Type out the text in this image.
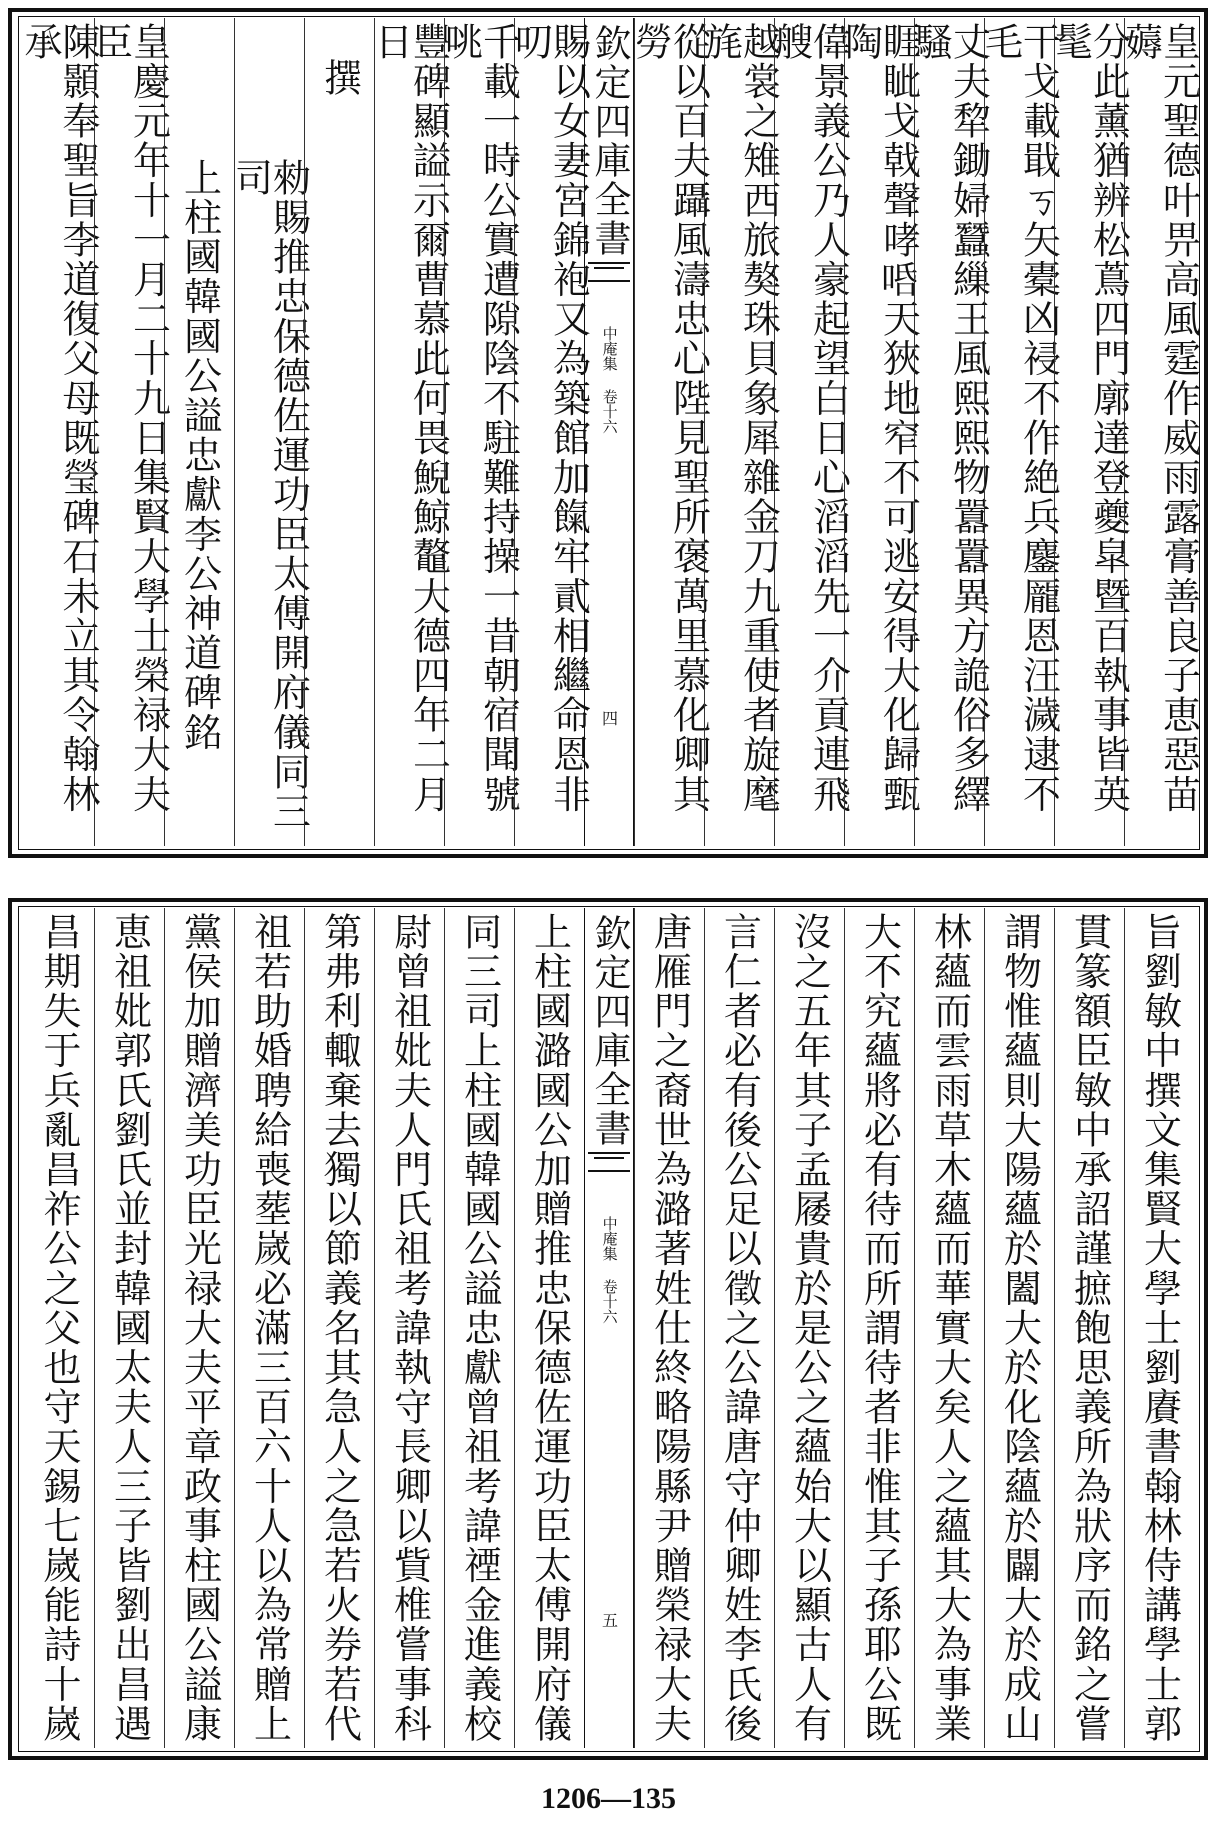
皇元聖德叶畀高風霆作威雨露膏善良子恵惡苗薅
分此薰猶辨松蔦四門廓達登夔皐暨百執事皆英髦
干戈載戢ㄎ矢橐凶祲不作絶兵鏖龎恩汪濊逮不毛
丈夫犂鋤婦蠶繅王風熙熙物囂囂異方詭俗多繹騷
睚眦戈戟聲哮𠳂天狹地窄不可逃安得大化歸甄陶
偉景義公乃人豪起望白日心滔滔先一介貢連飛艘
越裳之雉西旅獒珠貝象犀雜金刀九重使者旋麾旄
從以百夫躡風濤忠心陛見聖所褒萬里慕化卿其勞
欽定四庫全書
中庵集 卷十六
四
賜以女妻宮錦袍又為築館加餼牢貳相繼命恩非叨
千載一時公實遭隙陰不駐難持操一昔朝宿聞號咷
豐碑顯謚示爾曹慕此何畏鯢鯨鼇大德四年二月日
撰
勑賜推忠保德佐運功臣太傅開府儀同三司
上柱國韓國公謚忠獻李公神道碑銘
皇慶元年十一月二十九日集賢大學士榮禄大夫臣
陳顥奉聖旨李道復父母既瑩碑石未立其令翰林承
旨劉敏中撰文集賢大學士劉賡書翰林侍講學士郭
貫篆額臣敏中承詔謹摭飽思義所為狀序而銘之嘗
謂物惟蘊則大陽蘊於闔大於化陰蘊於闢大於成山
林蘊而雲雨草木蘊而華實大矣人之蘊其大為事業
大不究蘊將必有待而所謂待者非惟其子孫耶公既
沒之五年其子孟㞜貴於是公之蘊始大以顯古人有
言仁者必有後公足以徵之公諱唐守仲卿姓李氏後
唐雁門之裔世為潞著姓仕終略陽縣尹贈榮禄大夫
欽定四庫全書
中庵集 卷十六
五
上柱國潞國公加贈推忠保德佐運功臣太傅開府儀
同三司上柱國韓國公謚忠獻曾祖考諱禋金進義校
尉曾祖妣夫人門氏祖考諱執守長卿以貲椎嘗事科
第弗利輙棄去獨以節義名其急人之急若火券若代
祖若助婚聘給喪塟嵗必滿三百六十人以為常贈上
黨侯加贈濟美功臣光禄大夫平章政事柱國公謚康
恵祖妣郭氏劉氏並封韓國太夫人三子皆劉出昌遇
昌期失于兵亂昌祚公之父也守天錫七嵗能詩十嵗
1206—135
